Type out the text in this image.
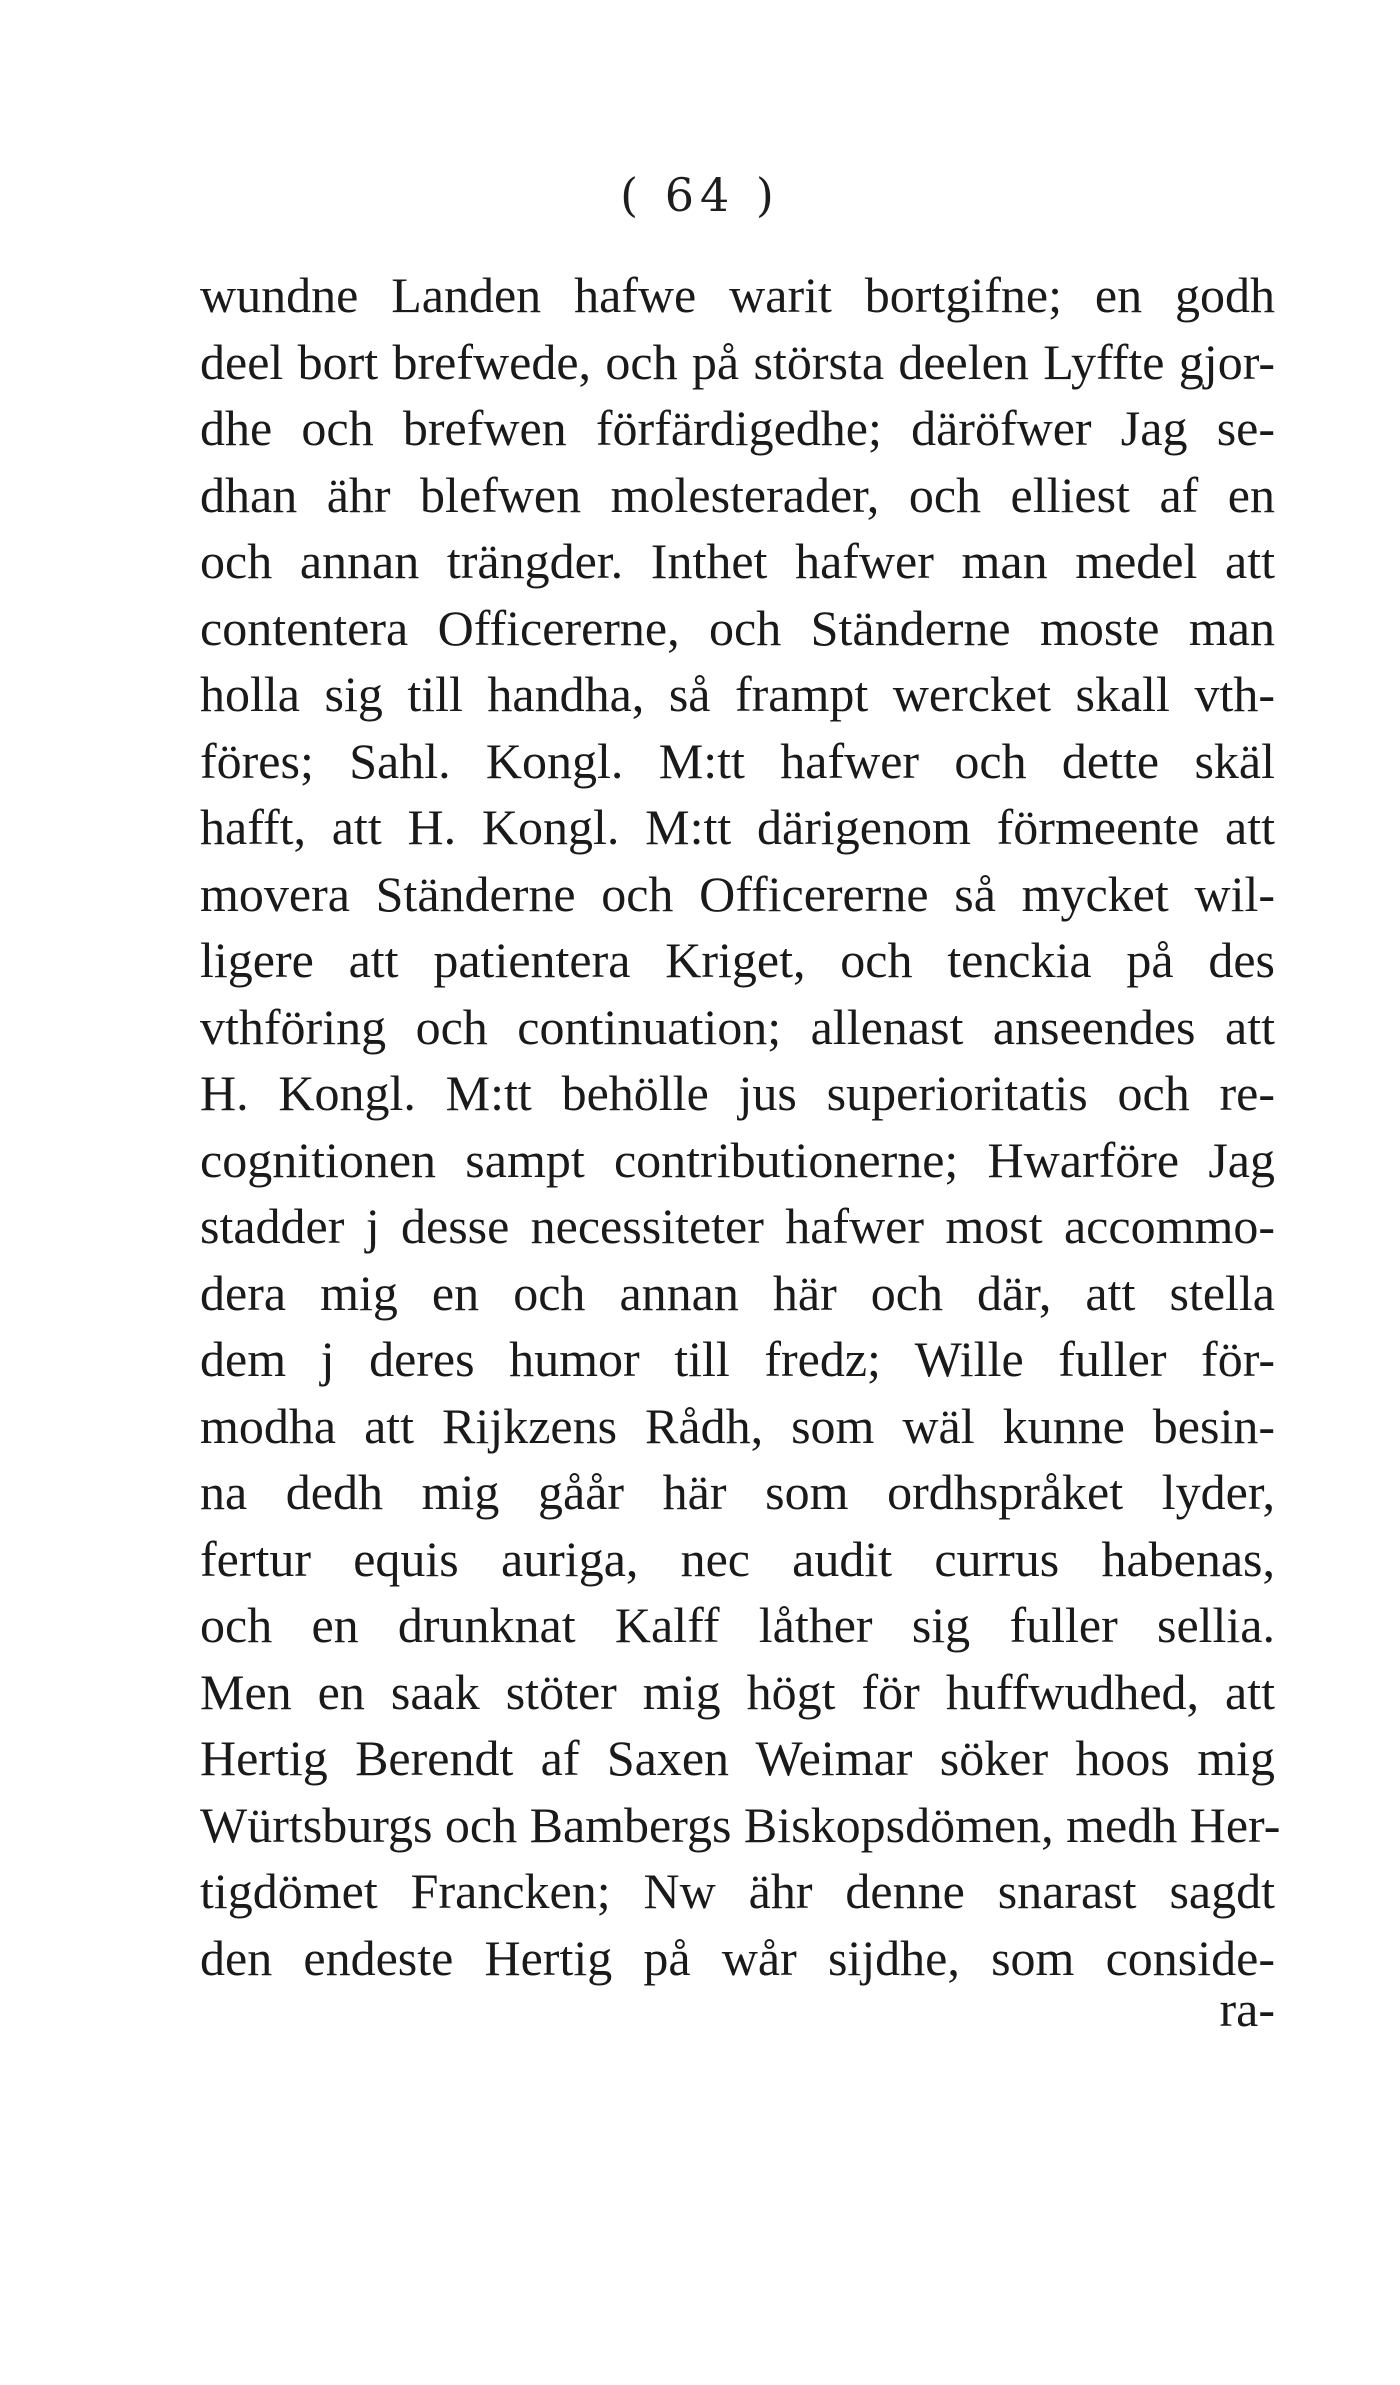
( 64 )
wundne Landen hafwe warit bortgifne; en godh
deel bort brefwede, och på största deelen Lyffte gjor-
dhe och brefwen förfärdigedhe; däröfwer Jag se-
dhan ähr blefwen molesterader, och elliest af en
och annan trängder. Inthet hafwer man medel att
contentera Officererne, och Ständerne moste man
holla sig till handha, så frampt wercket skall vth-
föres; Sahl. Kongl. M:tt hafwer och dette skäl
hafft, att H. Kongl. M:tt därigenom förmeente att
movera Ständerne och Officererne så mycket wil-
ligere att patientera Kriget, och tenckia på des
vthföring och continuation; allenast anseendes att
H. Kongl. M:tt behölle jus superioritatis och re-
cognitionen sampt contributionerne; Hwarföre Jag
stadder j desse necessiteter hafwer most accommo-
dera mig en och annan här och där, att stella
dem j deres humor till fredz; Wille fuller för-
modha att Rijkzens Rådh, som wäl kunne besin-
na dedh mig gåår här som ordhspråket lyder,
fertur equis auriga, nec audit currus habenas,
och en drunknat Kalff låther sig fuller sellia.
Men en saak stöter mig högt för huffwudhed, att
Hertig Berendt af Saxen Weimar söker hoos mig
Würtsburgs och Bambergs Biskopsdömen, medh Her-
tigdömet Francken; Nw ähr denne snarast sagdt
den endeste Hertig på wår sijdhe, som conside-
ra-
